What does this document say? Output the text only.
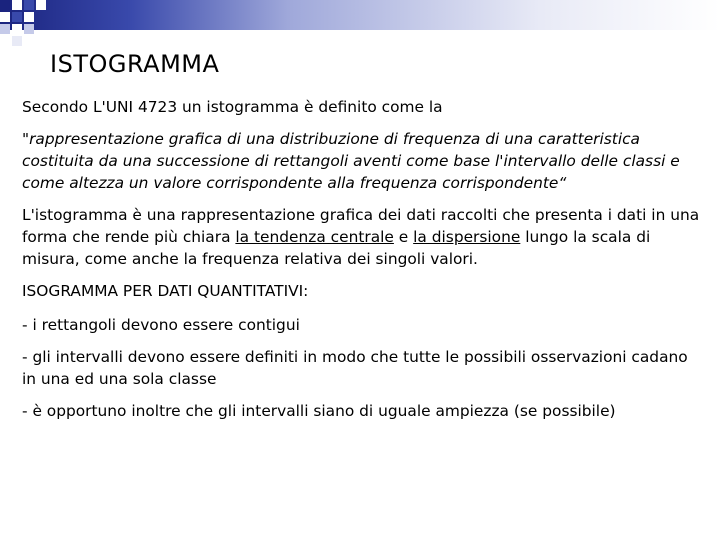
ISTOGRAMMA

Secondo L'UNI 4723 un istogramma è definito come la

"rappresentazione grafica di una distribuzione di frequenza di una caratteristica costituita da una successione di rettangoli aventi come base l'intervallo delle classi e come altezza un valore corrispondente alla frequenza corrispondente“

L'istogramma è una rappresentazione grafica dei dati raccolti che presenta i dati in una forma che rende più chiara la tendenza centrale e la dispersione lungo la scala di misura, come anche la frequenza relativa dei singoli valori.

ISOGRAMMA PER DATI QUANTITATIVI:

- i rettangoli devono essere contigui

- gli intervalli devono essere definiti in modo che tutte le possibili osservazioni cadano in una ed una sola classe

- è opportuno inoltre che gli intervalli siano di uguale ampiezza (se possibile)
